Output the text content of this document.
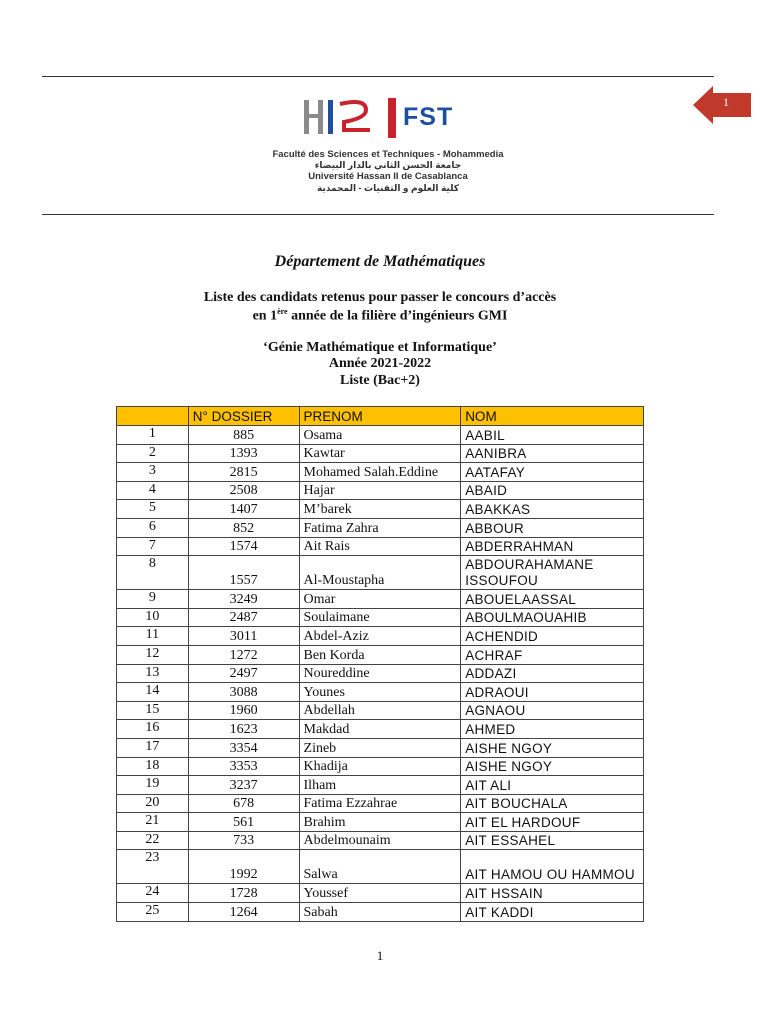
1
FST
Faculté des Sciences et Techniques - Mohammedia
جامعة الحسن الثاني بالدار البيضاء
Université Hassan II de Casablanca
كلية العلوم و التقنيات - المحمدية
Département de Mathématiques
Liste des candidats retenus pour passer le concours d’accès
en 1ère année de la filière d’ingénieurs GMI
‘Génie Mathématique et Informatique’
Année 2021-2022
Liste (Bac+2)
	N° DOSSIER	PRENOM	NOM
1	885	Osama	AABIL
2	1393	Kawtar	AANIBRA
3	2815	Mohamed Salah.Eddine	AATAFAY
4	2508	Hajar	ABAID
5	1407	M’barek	ABAKKAS
6	852	Fatima Zahra	ABBOUR
7	1574	Ait Rais	ABDERRAHMAN
8	1557	Al-Moustapha	ABDOURAHAMANE ISSOUFOU
9	3249	Omar	ABOUELAASSAL
10	2487	Soulaimane	ABOULMAOUAHIB
11	3011	Abdel-Aziz	ACHENDID
12	1272	Ben Korda	ACHRAF
13	2497	Noureddine	ADDAZI
14	3088	Younes	ADRAOUI
15	1960	Abdellah	AGNAOU
16	1623	Makdad	AHMED
17	3354	Zineb	AISHE NGOY
18	3353	Khadija	AISHE NGOY
19	3237	Ilham	AIT ALI
20	678	Fatima Ezzahrae	AIT BOUCHALA
21	561	Brahim	AIT EL HARDOUF
22	733	Abdelmounaim	AIT ESSAHEL
23	1992	Salwa	AIT HAMOU OU HAMMOU
24	1728	Youssef	AIT HSSAIN
25	1264	Sabah	AIT KADDI
1
